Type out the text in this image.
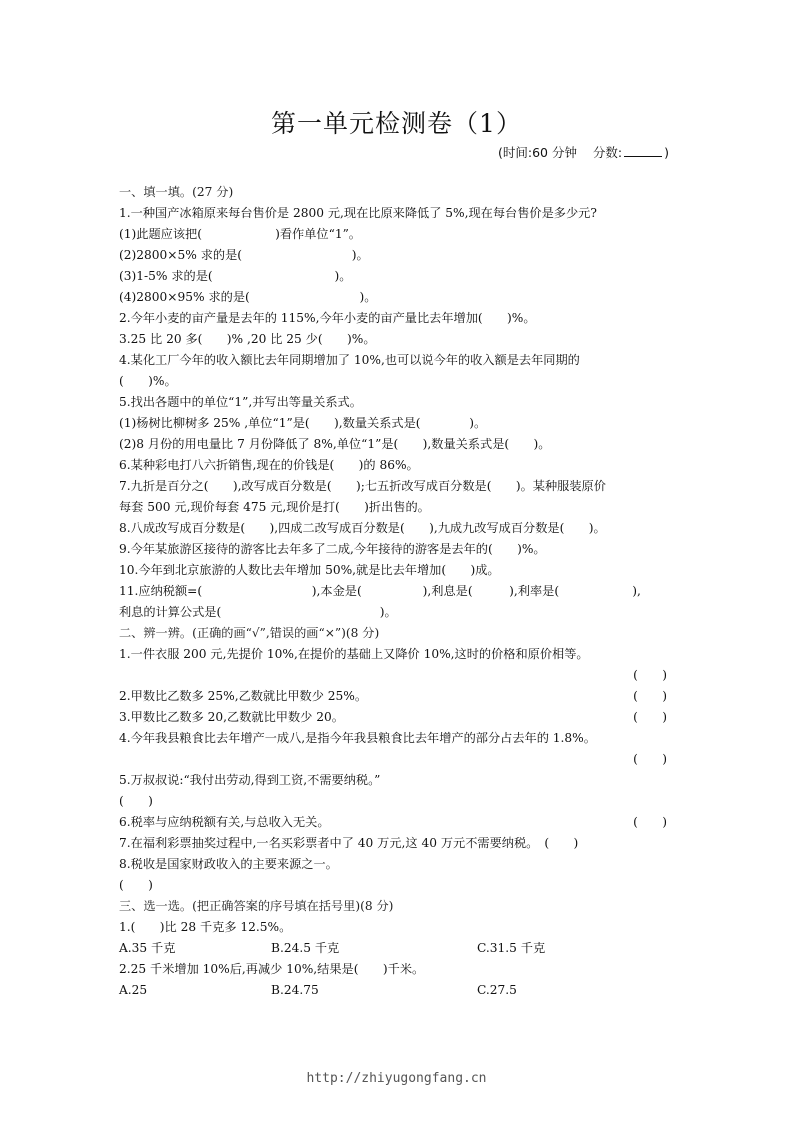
第一单元检测卷（1）
(时间:60 分钟 分数:	)
一、填一填。(27 分)
1.一种国产冰箱原来每台售价是 2800 元,现在比原来降低了 5%,现在每台售价是多少元?
(1)此题应该把(　　　　　　)看作单位“1”。
(2)2800×5% 求的是(　　　　　　　　　)。
(3)1-5% 求的是(　　　　　　　　　　)。
(4)2800×95% 求的是(　　　　　　　　　)。
2.今年小麦的亩产量是去年的 115%,今年小麦的亩产量比去年增加(　　)%。
3.25 比 20 多(　　)% ,20 比 25 少(　　)%。
4.某化工厂今年的收入额比去年同期增加了 10%,也可以说今年的收入额是去年同期的
(　　)%。
5.找出各题中的单位“1”,并写出等量关系式。
(1)杨树比柳树多 25% ,单位“1”是(　　),数量关系式是(　　　　)。
(2)8 月份的用电量比 7 月份降低了 8%,单位“1”是(　　),数量关系式是(　　)。
6.某种彩电打八六折销售,现在的价钱是(　　)的 86%。
7.九折是百分之(　　),改写成百分数是(　　);七五折改写成百分数是(　　)。某种服装原价
每套 500 元,现价每套 475 元,现价是打(　　)折出售的。
8.八成改写成百分数是(　　),四成二改写成百分数是(　　),九成九改写成百分数是(　　)。
9.今年某旅游区接待的游客比去年多了二成,今年接待的游客是去年的(　　)%。
10.今年到北京旅游的人数比去年增加 50%,就是比去年增加(　　)成。
11.应纳税额=(　　　　　　　　　),本金是(　　　　　),利息是(　　　),利率是(　　　　　　),
利息的计算公式是(　　　　　　　　　　　　　)。
二、辨一辨。(正确的画“√”,错误的画“×”)(8 分)
1.一件衣服 200 元,先提价 10%,在提价的基础上又降价 10%,这时的价格和原价相等。
(　　)
2.甲数比乙数多 25%,乙数就比甲数少 25%。	(　　)
3.甲数比乙数多 20,乙数就比甲数少 20。	(　　)
4.今年我县粮食比去年增产一成八,是指今年我县粮食比去年增产的部分占去年的 1.8%。
(　　)
5.万叔叔说:“我付出劳动,得到工资,不需要纳税。”
(　　)
6.税率与应纳税额有关,与总收入无关。	(　　)
7.在福利彩票抽奖过程中,一名买彩票者中了 40 万元,这 40 万元不需要纳税。　(　　)
8.税收是国家财政收入的主要来源之一。
(　　)
三、选一选。(把正确答案的序号填在括号里)(8 分)
1.(　　)比 28 千克多 12.5%。
A.35 千克	B.24.5 千克	C.31.5 千克
2.25 千米增加 10%后,再减少 10%,结果是(　　)千米。
A.25	B.24.75	C.27.5
http://zhiyugongfang.cn
